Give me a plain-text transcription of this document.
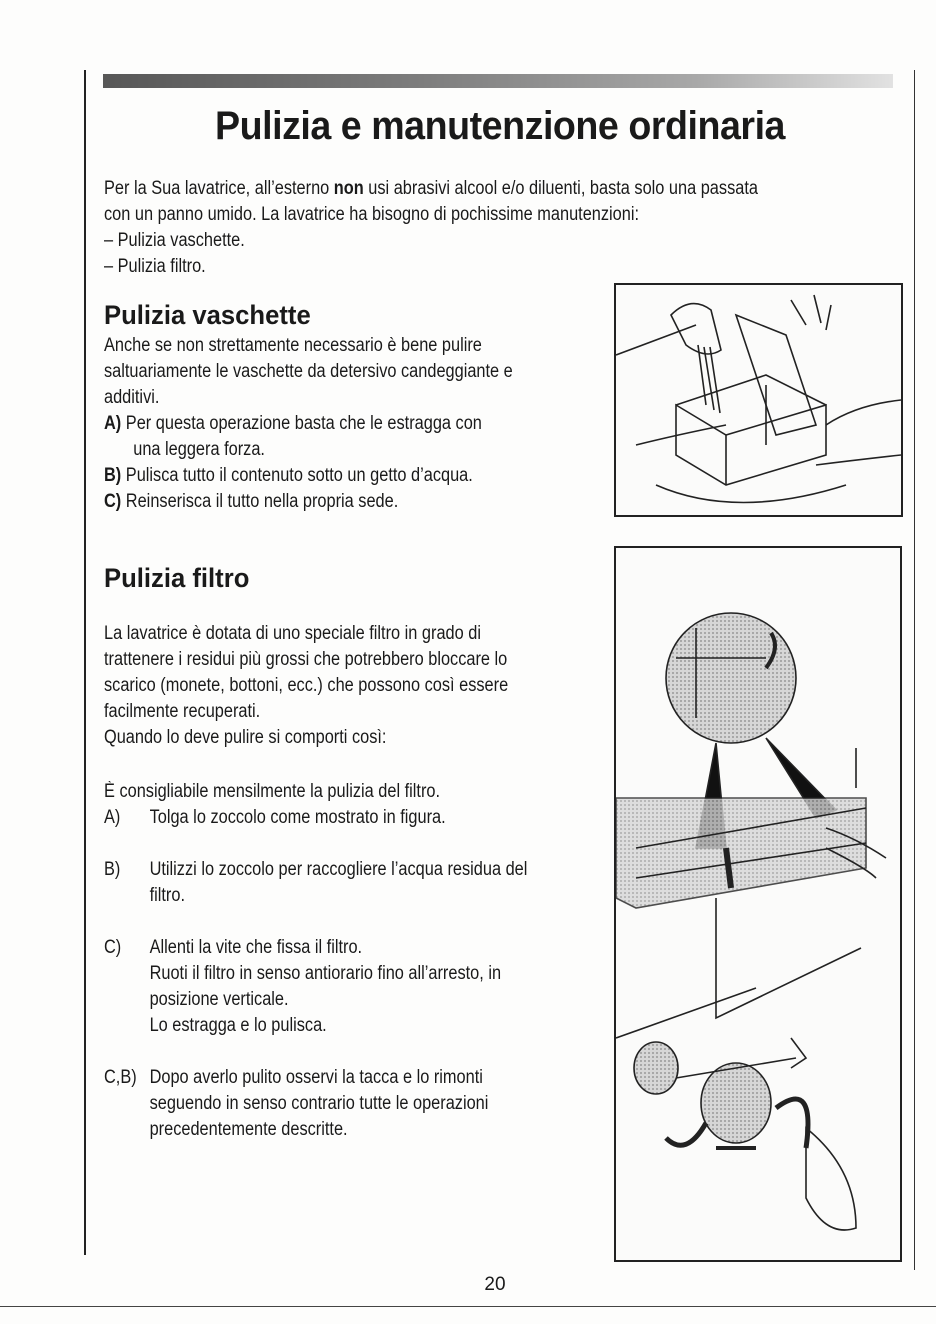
Pulizia e manutenzione ordinaria
Per la Sua lavatrice, all’esterno non usi abrasivi alcool e/o diluenti, basta solo una passata
con un panno umido. La lavatrice ha bisogno di pochissime manutenzioni:
– Pulizia vaschette.
– Pulizia filtro.
Pulizia vaschette
Anche se non strettamente necessario è bene pulire
saltuariamente le vaschette da detersivo candeggiante e
additivi.
A) Per questa operazione basta che le estragga con
una leggera forza.
B) Pulisca tutto il contenuto sotto un getto d’acqua.
C) Reinserisca il tutto nella propria sede.
Pulizia filtro
La lavatrice è dotata di uno speciale filtro in grado di
trattenere i residui più grossi che potrebbero bloccare lo
scarico (monete, bottoni, ecc.) che possono così essere
facilmente recuperati.
Quando lo deve pulire si comporti così:
È consigliabile mensilmente la pulizia del filtro.
A) Tolga lo zoccolo come mostrato in figura.
B) Utilizzi lo zoccolo per raccogliere l’acqua residua del
filtro.
C) Allenti la vite che fissa il filtro.
Ruoti il filtro in senso antiorario fino all’arresto, in
posizione verticale.
Lo estragga e lo pulisca.
C,B) Dopo averlo pulito osservi la tacca e lo rimonti
seguendo in senso contrario tutte le operazioni
precedentemente descritte.
20
